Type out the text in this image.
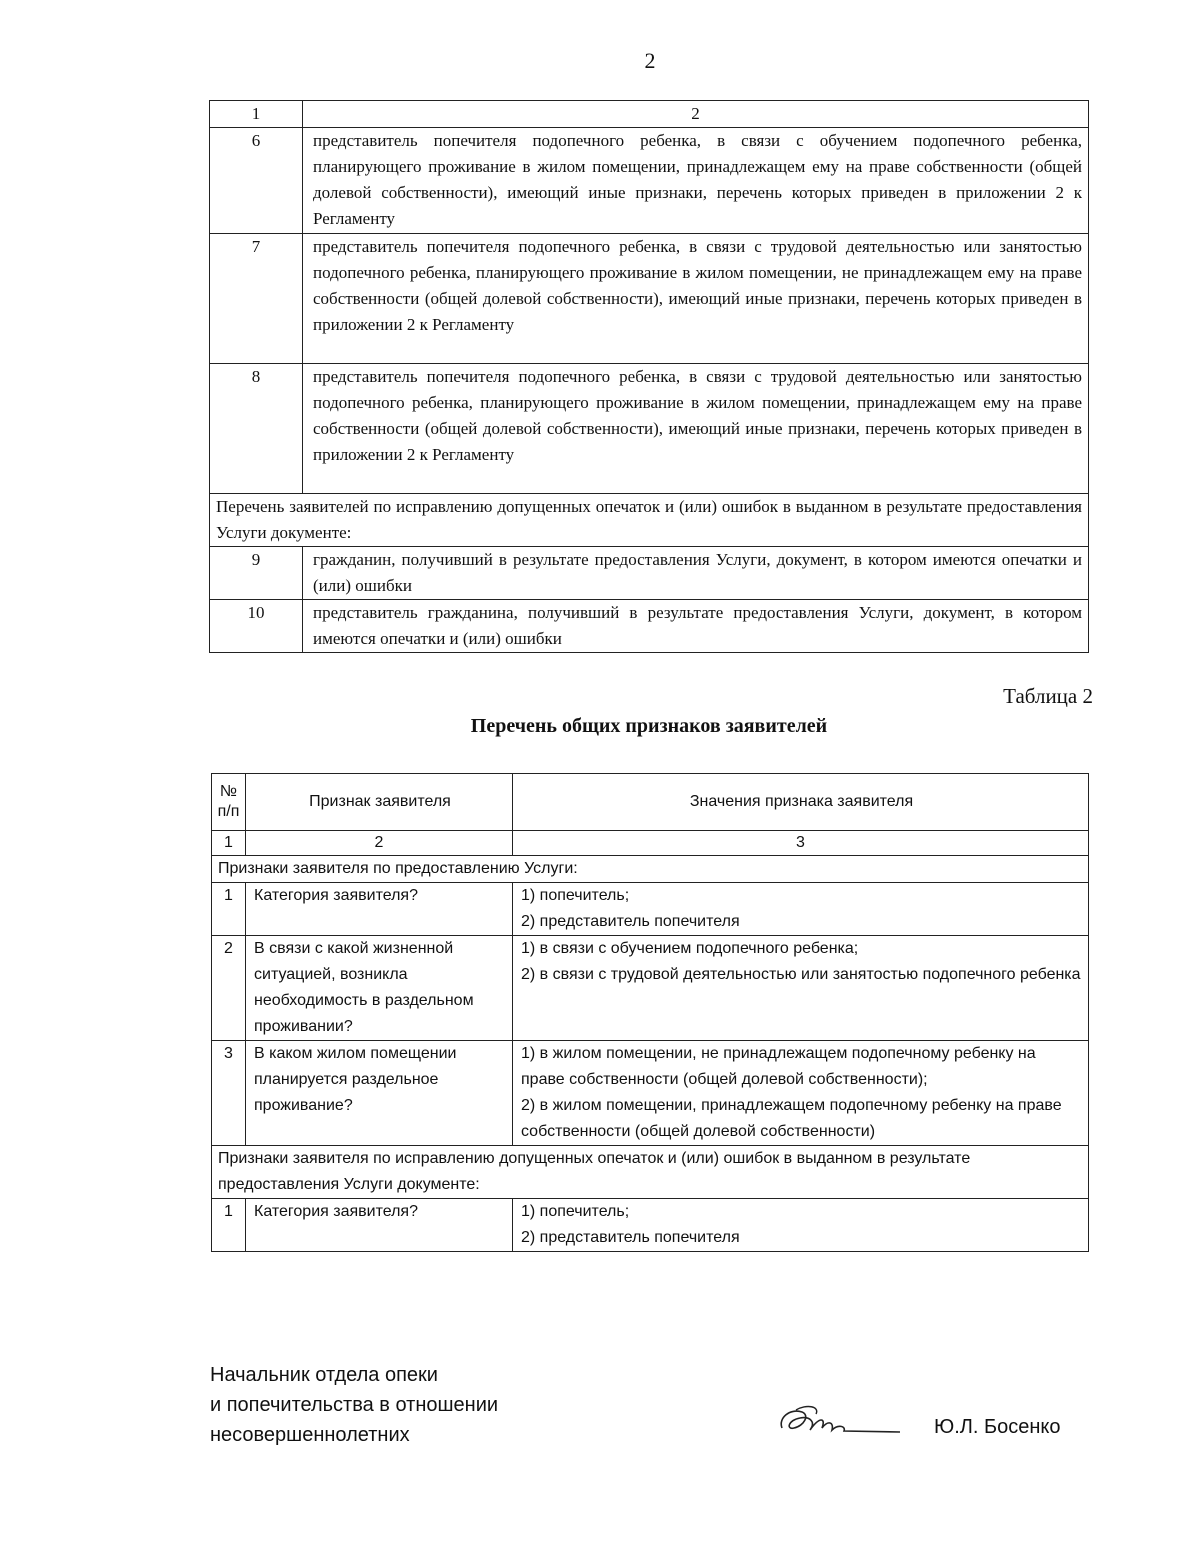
2
1	2
6	представитель попечителя подопечного ребенка, в связи с обучением подопечного ребенка, планирующего проживание в жилом помещении, принадлежащем ему на праве собственности (общей долевой собственности), имеющий иные признаки, перечень которых приведен в приложении 2 к Регламенту
7	представитель попечителя подопечного ребенка, в связи с трудовой деятельностью или занятостью подопечного ребенка, планирующего проживание в жилом помещении, не принадлежащем ему на праве собственности (общей долевой собственности), имеющий иные признаки, перечень которых приведен в приложении 2 к Регламенту
8	представитель попечителя подопечного ребенка, в связи с трудовой деятельностью или занятостью подопечного ребенка, планирующего проживание в жилом помещении, принадлежащем ему на праве собственности (общей долевой собственности), имеющий иные признаки, перечень которых приведен в приложении 2 к Регламенту
Перечень заявителей по исправлению допущенных опечаток и (или) ошибок в выданном в результате предоставления Услуги документе:	
9	гражданин, получивший в результате предоставления Услуги, документ, в котором имеются опечатки и (или) ошибки
10	представитель гражданина, получивший в результате предоставления Услуги, документ, в котором имеются опечатки и (или) ошибки
Таблица 2
Перечень общих признаков заявителей
№ п/п	Признак заявителя	Значения признака заявителя
1	2	3
Признаки заявителя по предоставлению Услуги:		
1	Категория заявителя?	1) попечитель;
2) представитель попечителя

2	В связи с какой жизненной ситуацией, возникла необходимость в раздельном проживании?	1) в связи с обучением подопечного ребенка;
2) в связи с трудовой деятельностью или занятостью подопечного ребенка

3	В каком жилом помещении планируется раздельное проживание?	1) в жилом помещении, не принадлежащем подопечному ребенку на праве собственности (общей долевой собственности);
2) в жилом помещении, принадлежащем подопечному ребенку на праве собственности (общей долевой собственности)

Признаки заявителя по исправлению допущенных опечаток и (или) ошибок в выданном в результате предоставления Услуги документе:		
1	Категория заявителя?	1) попечитель;
2) представитель попечителя
Начальник отдела опеки
и попечительства в отношении
несовершеннолетних	Ю.Л. Босенко
